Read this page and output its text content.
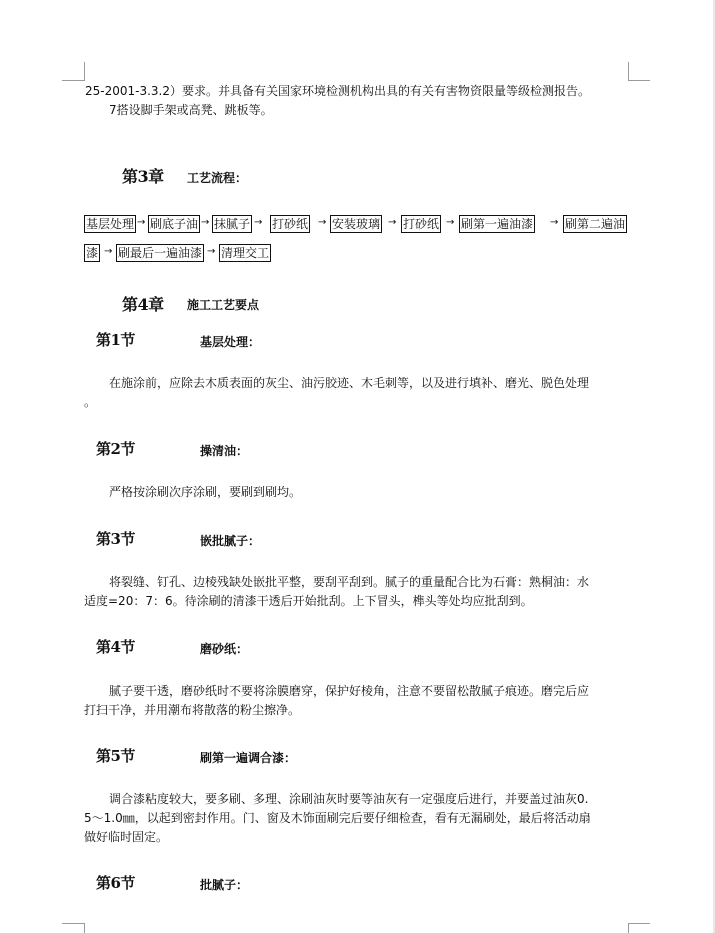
25-2001-3.3.2）要求。并具备有关国家环境检测机构出具的有关有害物资限量等级检测报告。
7搭设脚手架或高凳、跳板等。
第3章 工艺流程：
基层处理 → 刷底子油 → 抹腻子 → 打砂纸 → 安装玻璃 → 打砂纸 → 刷第一遍油漆 → 刷第二遍油
漆 → 刷最后一遍油漆 → 清理交工
第4章 施工工艺要点
第1节	基层处理：
在施涂前，应除去木质表面的灰尘、油污胶迹、木毛刺等，以及进行填补、磨光、脱色处理
。
第2节	操清油：
严格按涂刷次序涂刷，要刷到刷均。
第3节	嵌批腻子：
将裂缝、钉孔、边棱残缺处嵌批平整，要刮平刮到。腻子的重量配合比为石膏：熟桐油：水
适度=20：7：6。待涂刷的清漆干透后开始批刮。上下冒头，榫头等处均应批刮到。
第4节	磨砂纸：
腻子要干透，磨砂纸时不要将涂膜磨穿，保护好棱角，注意不要留松散腻子痕迹。磨完后应
打扫干净，并用潮布将散落的粉尘擦净。
第5节	刷第一遍调合漆：
调合漆粘度较大，要多刷、多理、涂刷油灰时要等油灰有一定强度后进行，并要盖过油灰0.
5～1.0㎜，以起到密封作用。门、窗及木饰面刷完后要仔细检查，看有无漏刷处，最后将活动扇
做好临时固定。
第6节	批腻子：
